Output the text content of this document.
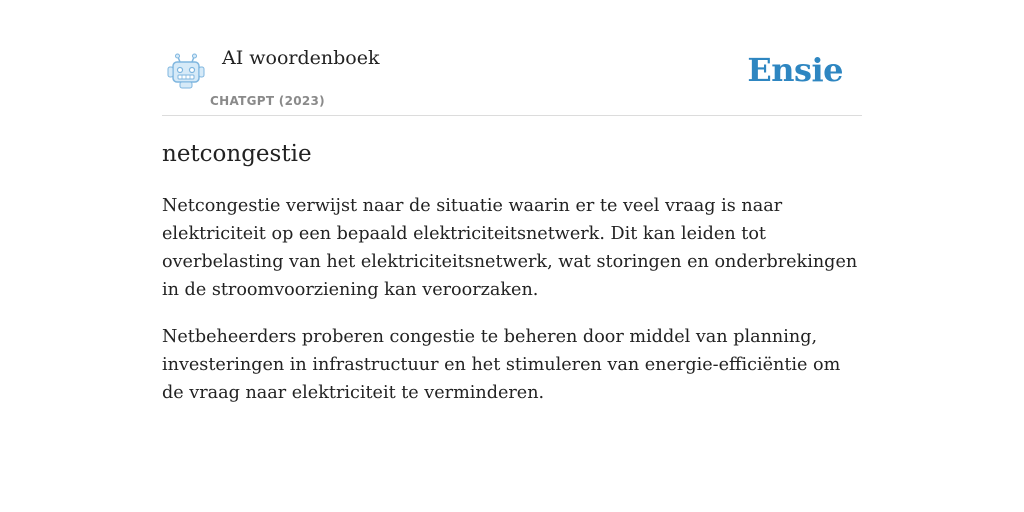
AI woordenboek
CHATGPT (2023)
Ensie
netcongestie

Netcongestie verwijst naar de situatie waarin er te veel vraag is naar elektriciteit op een bepaald elektriciteitsnetwerk. Dit kan leiden tot overbelasting van het elektriciteitsnetwerk, wat storingen en onderbrekingen in de stroomvoorziening kan veroorzaken.

Netbeheerders proberen congestie te beheren door middel van planning, investeringen in infrastructuur en het stimuleren van energie-efficiëntie om de vraag naar elektriciteit te verminderen.
